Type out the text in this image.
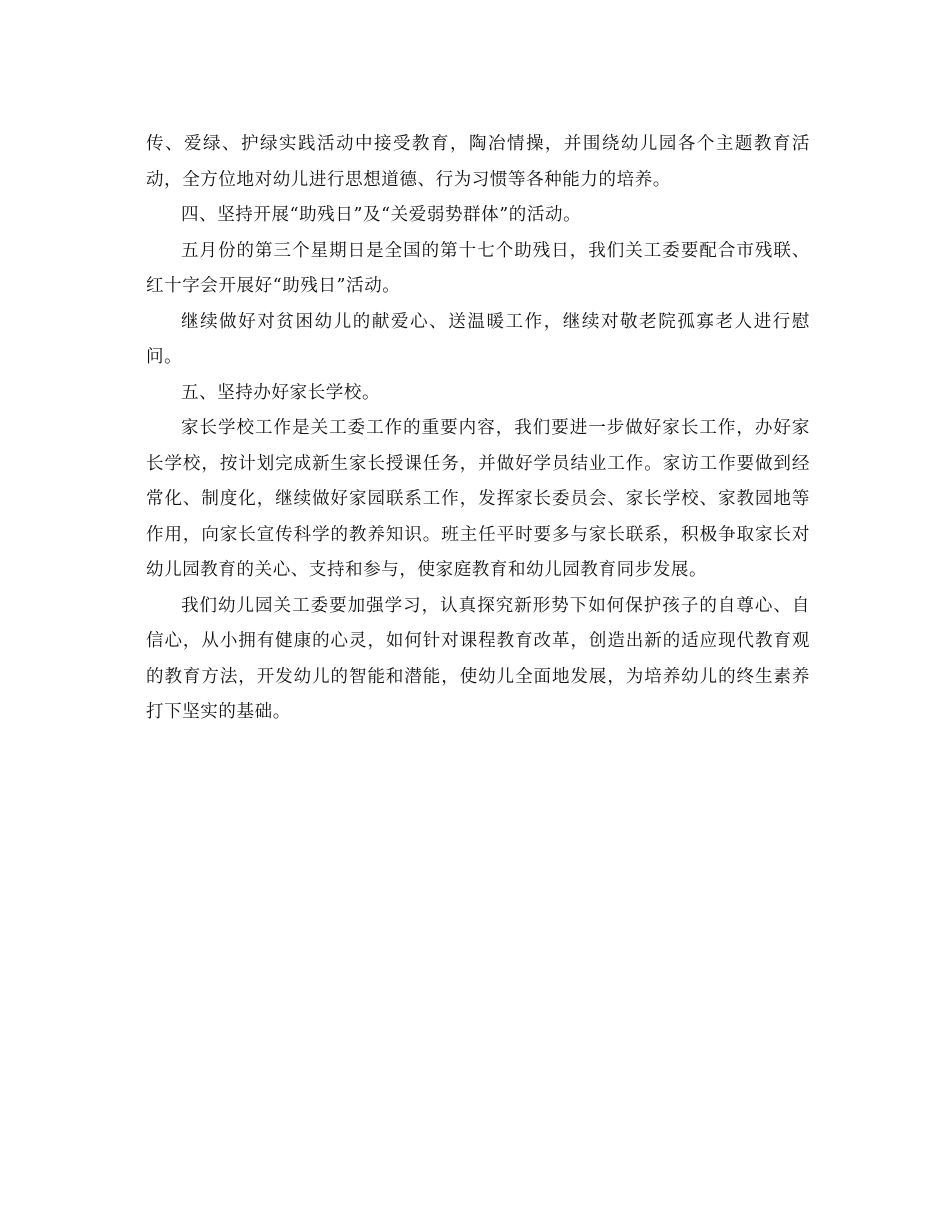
传、爱绿、护绿实践活动中接受教育，陶冶情操，并围绕幼儿园各个主题教育活动，全方位地对幼儿进行思想道德、行为习惯等各种能力的培养。

四、坚持开展“助残日”及“关爱弱势群体”的活动。

五月份的第三个星期日是全国的第十七个助残日，我们关工委要配合市残联、红十字会开展好“助残日”活动。

继续做好对贫困幼儿的献爱心、送温暖工作，继续对敬老院孤寡老人进行慰问。

五、坚持办好家长学校。

家长学校工作是关工委工作的重要内容，我们要进一步做好家长工作，办好家长学校，按计划完成新生家长授课任务，并做好学员结业工作。家访工作要做到经常化、制度化，继续做好家园联系工作，发挥家长委员会、家长学校、家教园地等作用，向家长宣传科学的教养知识。班主任平时要多与家长联系，积极争取家长对幼儿园教育的关心、支持和参与，使家庭教育和幼儿园教育同步发展。

我们幼儿园关工委要加强学习，认真探究新形势下如何保护孩子的自尊心、自信心，从小拥有健康的心灵，如何针对课程教育改革，创造出新的适应现代教育观的教育方法，开发幼儿的智能和潜能，使幼儿全面地发展，为培养幼儿的终生素养打下坚实的基础。
